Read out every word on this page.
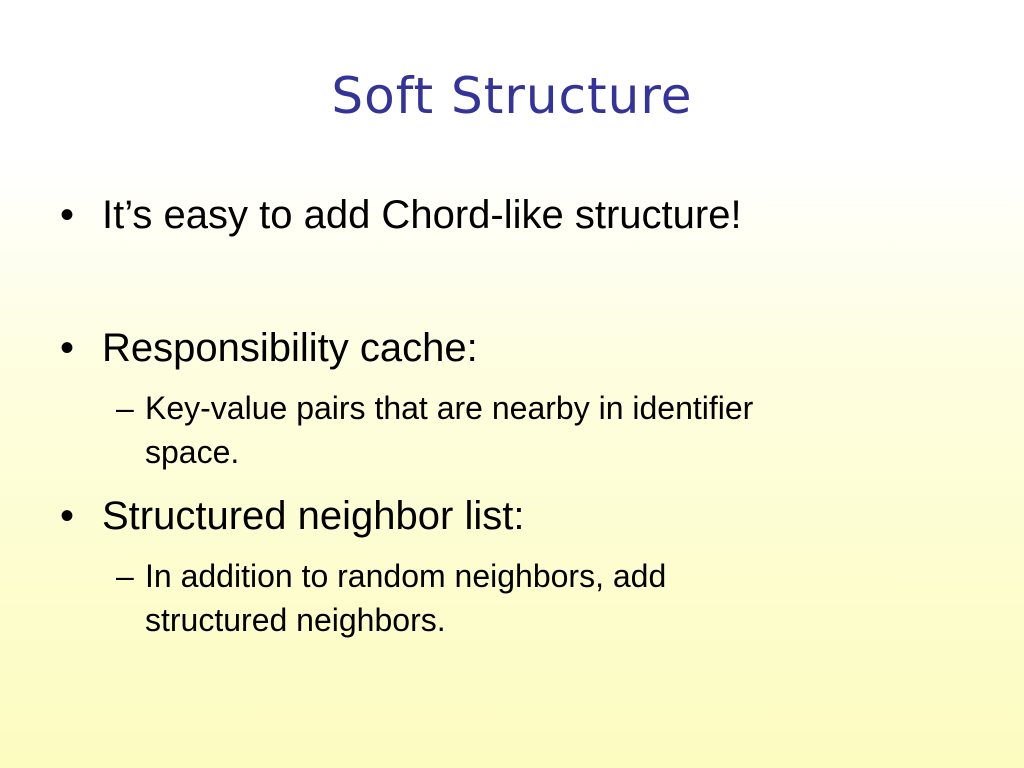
Soft Structure
• It’s easy to add Chord-like structure!
• Responsibility cache:
– Key-value pairs that are nearby in identifier
space.
• Structured neighbor list:
– In addition to random neighbors, add
structured neighbors.
